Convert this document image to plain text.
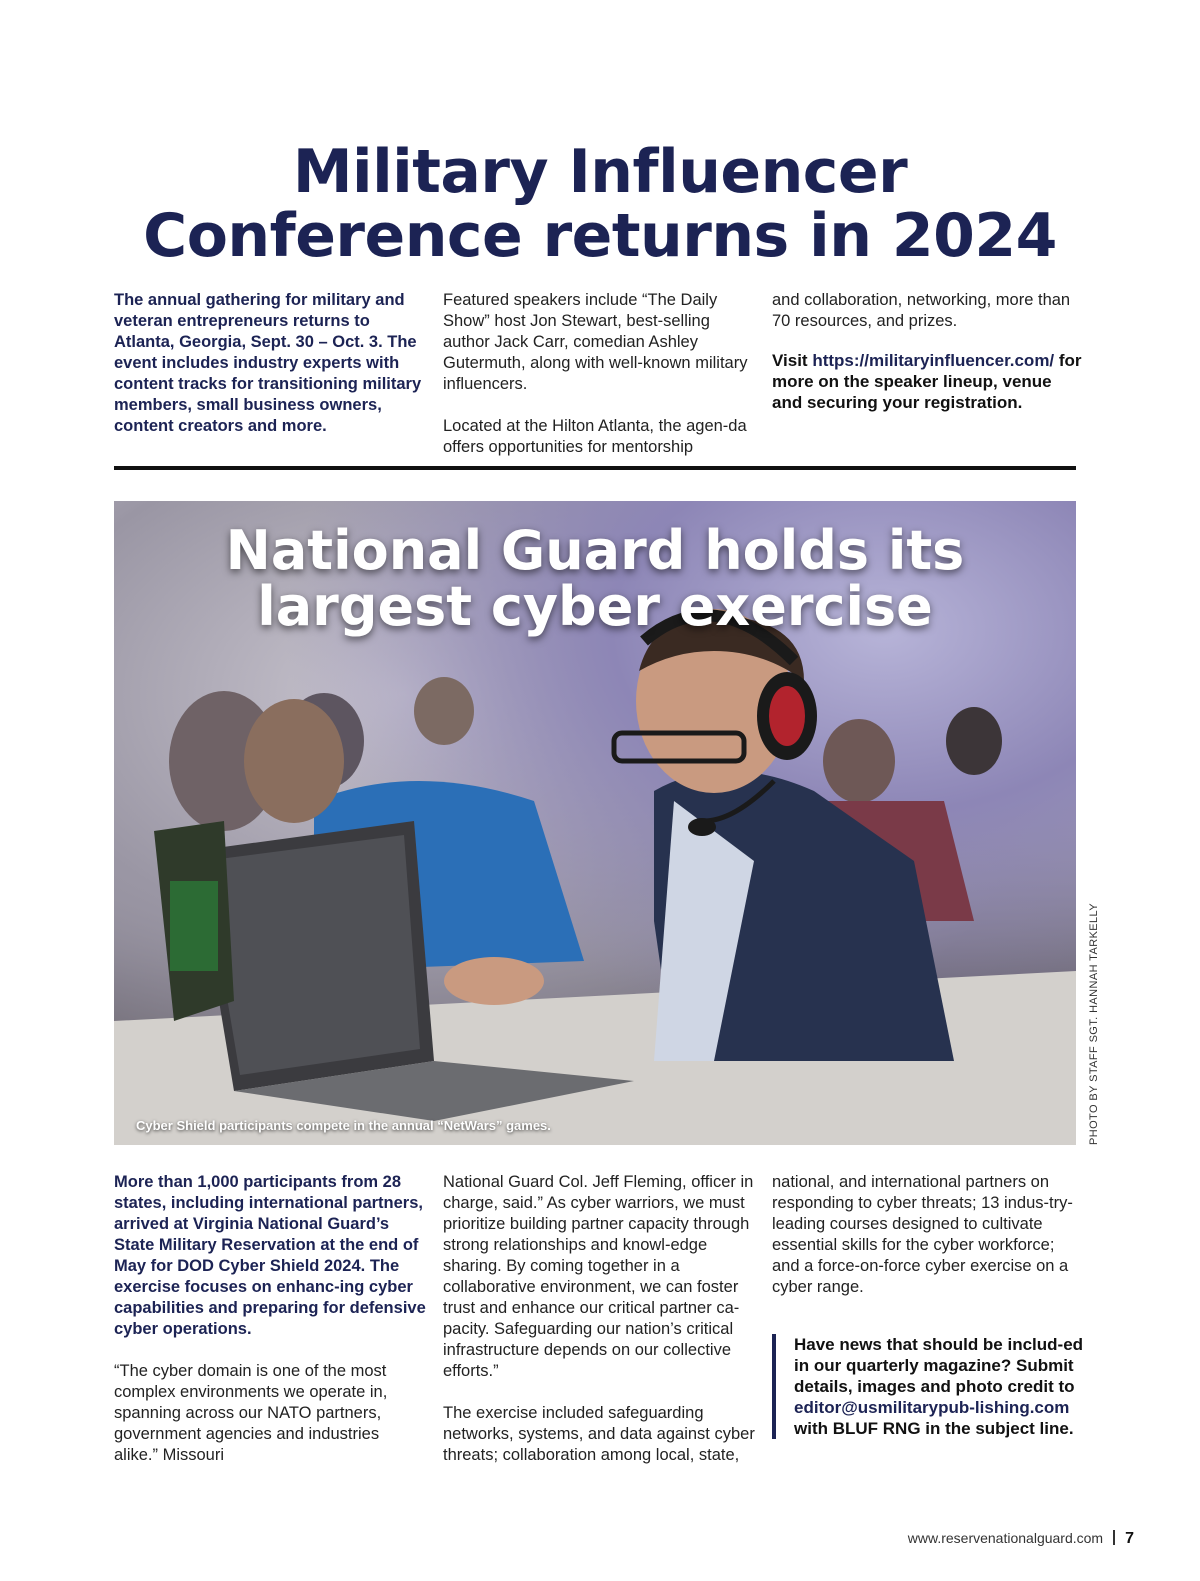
Military Influencer
Conference returns in 2024

The annual gathering for military and veteran entrepreneurs returns to Atlanta, Georgia, Sept. 30 – Oct. 3. The event includes industry experts with content tracks for transitioning military members, small business owners, content creators and more.

Featured speakers include “The Daily Show” host Jon Stewart, best-selling author Jack Carr, comedian Ashley Gutermuth, along with well-known military influencers.

Located at the Hilton Atlanta, the agen-da offers opportunities for mentorship

and collaboration, networking, more than 70 resources, and prizes.

Visit https://militaryinfluencer.com/ for more on the speaker lineup, venue and securing your registration.

National Guard holds its
largest cyber exercise
Cyber Shield participants compete in the annual “NetWars” games.	PHOTO BY STAFF SGT. HANNAH TARKELLY

More than 1,000 participants from 28 states, including international partners, arrived at Virginia National Guard’s State Military Reservation at the end of May for DOD Cyber Shield 2024. The exercise focuses on enhanc-ing cyber capabilities and preparing for defensive cyber operations.

“The cyber domain is one of the most complex environments we operate in, spanning across our NATO partners, government agencies and industries alike.” Missouri

National Guard Col. Jeff Fleming, officer in charge, said.” As cyber warriors, we must prioritize building partner capacity through strong relationships and knowl-edge sharing. By coming together in a collaborative environment, we can foster trust and enhance our critical partner ca-pacity. Safeguarding our nation’s critical infrastructure depends on our collective efforts.”

The exercise included safeguarding networks, systems, and data against cyber threats; collaboration among local, state,

national, and international partners on responding to cyber threats; 13 indus-try-leading courses designed to cultivate essential skills for the cyber workforce; and a force-on-force cyber exercise on a cyber range.

Have news that should be includ-ed in our quarterly magazine? Submit details, images and photo credit to editor@usmilitarypub-lishing.com with BLUF RNG in the subject line.

www.reservenationalguard.com 7
